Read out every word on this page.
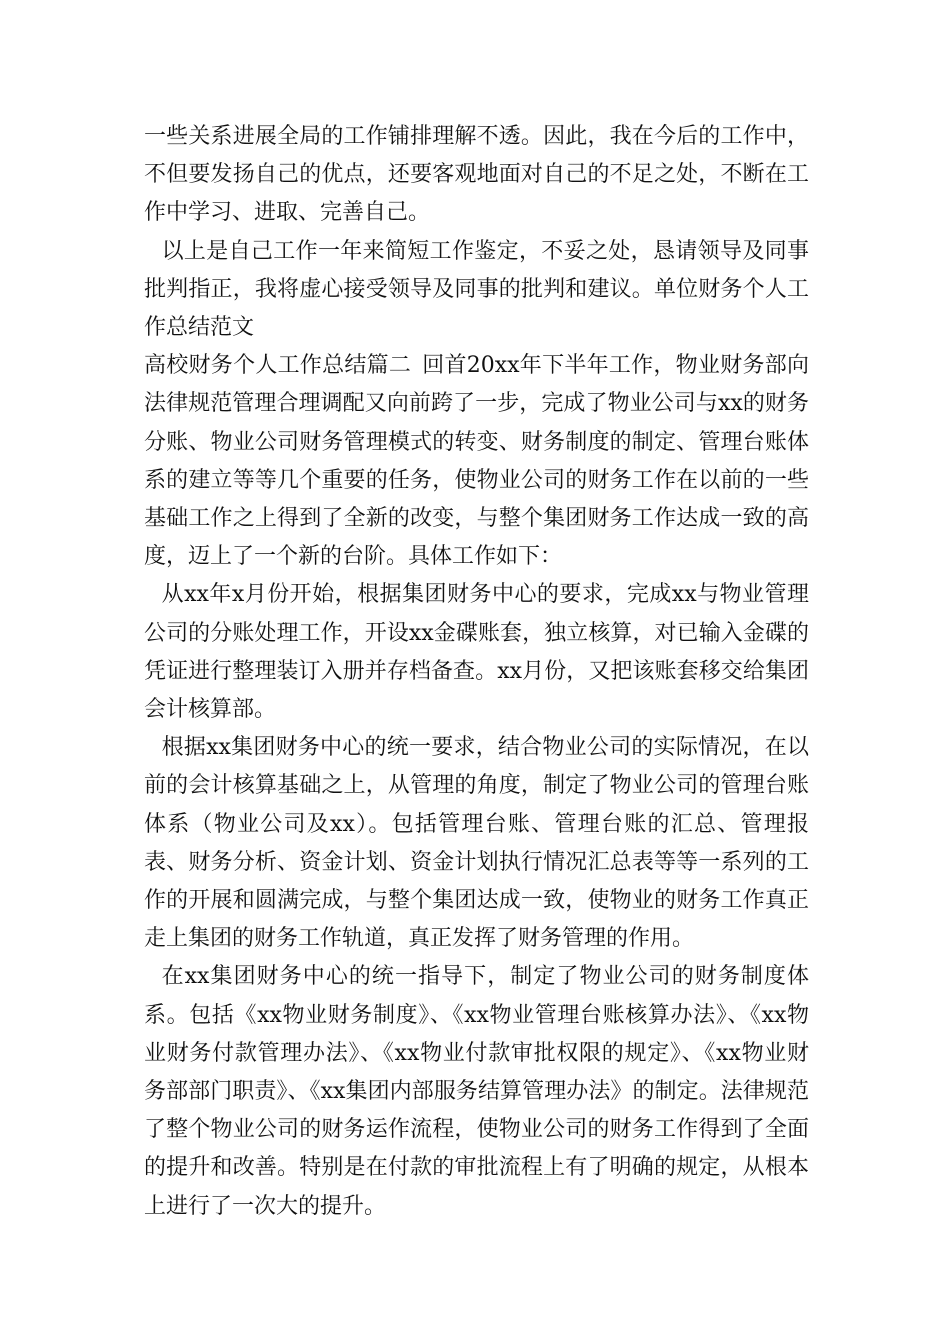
一些关系进展全局的工作铺排理解不透。因此，我在今后的工作中，不但要发扬自己的优点，还要客观地面对自己的不足之处，不断在工作中学习、进取、完善自己。

以上是自己工作一年来简短工作鉴定，不妥之处，恳请领导及同事批判指正，我将虚心接受领导及同事的批判和建议。单位财务个人工作总结范文

高校财务个人工作总结篇二 回首20xx年下半年工作，物业财务部向法律规范管理合理调配又向前跨了一步，完成了物业公司与xx的财务分账、物业公司财务管理模式的转变、财务制度的制定、管理台账体系的建立等等几个重要的任务，使物业公司的财务工作在以前的一些基础工作之上得到了全新的改变，与整个集团财务工作达成一致的高度，迈上了一个新的台阶。具体工作如下：

从xx年x月份开始，根据集团财务中心的要求，完成xx与物业管理公司的分账处理工作，开设xx金碟账套，独立核算，对已输入金碟的凭证进行整理装订入册并存档备查。xx月份，又把该账套移交给集团会计核算部。

根据xx集团财务中心的统一要求，结合物业公司的实际情况，在以前的会计核算基础之上，从管理的角度，制定了物业公司的管理台账体系（物业公司及xx）。包括管理台账、管理台账的汇总、管理报表、财务分析、资金计划、资金计划执行情况汇总表等等一系列的工作的开展和圆满完成，与整个集团达成一致，使物业的财务工作真正走上集团的财务工作轨道，真正发挥了财务管理的作用。

在xx集团财务中心的统一指导下，制定了物业公司的财务制度体系。包括《xx物业财务制度》、《xx物业管理台账核算办法》、《xx物业财务付款管理办法》、《xx物业付款审批权限的规定》、《xx物业财务部部门职责》、《xx集团内部服务结算管理办法》的制定。法律规范了整个物业公司的财务运作流程，使物业公司的财务工作得到了全面的提升和改善。特别是在付款的审批流程上有了明确的规定，从根本上进行了一次大的提升。
